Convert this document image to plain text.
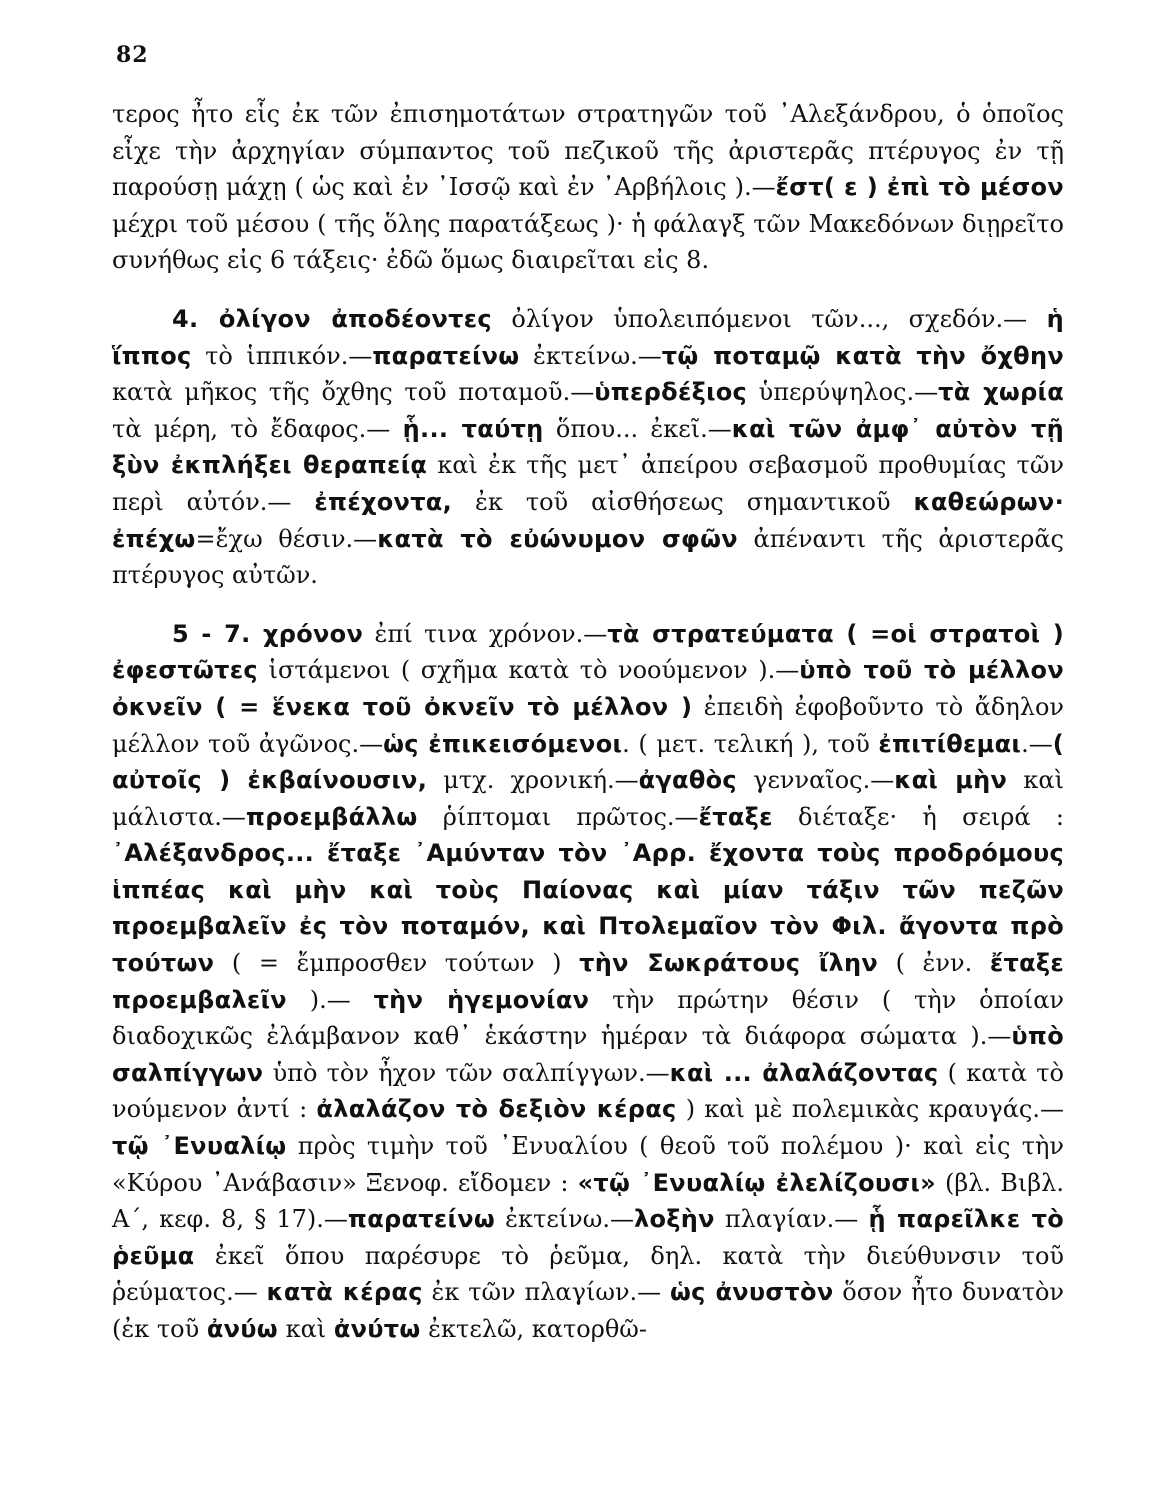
82

τερος ἦτο εἷς ἐκ τῶν ἐπισημοτάτων στρατηγῶν τοῦ ᾿Αλεξάνδρου, ὁ ὁποῖος εἶχε τὴν ἀρχηγίαν σύμπαντος τοῦ πεζικοῦ τῆς ἀριστερᾶς πτέρυγος ἐν τῇ παρούσῃ μάχῃ ( ὡς καὶ ἐν ᾿Ισσῷ καὶ ἐν ᾿Αρβήλοις ).—ἔστ( ε ) ἐπὶ τὸ μέσον μέχρι τοῦ μέσου ( τῆς ὅλης παρατάξεως )· ἡ φάλαγξ τῶν Μακεδόνων διῃρεῖτο συνήθως εἰς 6 τάξεις· ἐδῶ ὅμως διαιρεῖται εἰς 8.

4. ὀλίγον ἀποδέοντες ὀλίγον ὑπολειπόμενοι τῶν..., σχεδόν.— ἡ ἵππος τὸ ἱππικόν.—παρατείνω ἐκτείνω.—τῷ ποταμῷ κατὰ τὴν ὄχθην κατὰ μῆκος τῆς ὄχθης τοῦ ποταμοῦ.—ὑπερδέξιος ὑπερύψηλος.—τὰ χωρία τὰ μέρη, τὸ ἔδαφος.— ᾗ... ταύτῃ ὅπου... ἐκεῖ.—καὶ τῶν ἀμφ᾿ αὐτὸν τῇ ξὺν ἐκπλήξει θεραπείᾳ καὶ ἐκ τῆς μετ᾿ ἀπείρου σεβασμοῦ προθυμίας τῶν περὶ αὐτόν.— ἐπέχοντα, ἐκ τοῦ αἰσθήσεως σημαντικοῦ καθεώρων· ἐπέχω=ἔχω θέσιν.—κατὰ τὸ εὐώνυμον σφῶν ἀπέναντι τῆς ἀριστερᾶς πτέρυγος αὐτῶν.

5 - 7. χρόνον ἐπί τινα χρόνον.—τὰ στρατεύματα ( =οἱ στρατοὶ ) ἐφεστῶτες ἱστάμενοι ( σχῆμα κατὰ τὸ νοούμενον ).—ὑπὸ τοῦ τὸ μέλλον ὀκνεῖν ( = ἕνεκα τοῦ ὀκνεῖν τὸ μέλλον ) ἐπειδὴ ἐφοβοῦντο τὸ ἄδηλον μέλλον τοῦ ἀγῶνος.—ὡς ἐπικεισόμενοι. ( μετ. τελική ), τοῦ ἐπιτίθεμαι.—( αὐτοῖς ) ἐκβαίνουσιν, μτχ. χρονική.—ἀγαθὸς γενναῖος.—καὶ μὴν καὶ μάλιστα.—προεμβάλλω ῥίπτομαι πρῶτος.—ἔταξε διέταξε· ἡ σειρά : ᾿Αλέξανδρος... ἔταξε ᾿Αμύνταν τὸν ᾿Αρρ. ἔχοντα τοὺς προδρόμους ἱππέας καὶ μὴν καὶ τοὺς Παίονας καὶ μίαν τάξιν τῶν πεζῶν προεμβαλεῖν ἐς τὸν ποταμόν, καὶ Πτολεμαῖον τὸν Φιλ. ἄγοντα πρὸ τούτων ( = ἔμπροσθεν τούτων ) τὴν Σωκράτους ἴλην ( ἐνν. ἔταξε προεμβαλεῖν ).— τὴν ἡγεμονίαν τὴν πρώτην θέσιν ( τὴν ὁποίαν διαδοχικῶς ἐλάμβανον καθ᾿ ἑκάστην ἡμέραν τὰ διάφορα σώματα ).—ὑπὸ σαλπίγγων ὑπὸ τὸν ἦχον τῶν σαλπίγγων.—καὶ ... ἀλαλάζοντας ( κατὰ τὸ νούμενον ἀντί : ἀλαλάζον τὸ δεξιὸν κέρας ) καὶ μὲ πολεμικὰς κραυγάς.—τῷ ᾿Ενυαλίῳ πρὸς τιμὴν τοῦ ᾿Ενυαλίου ( θεοῦ τοῦ πολέμου )· καὶ εἰς τὴν «Κύρου ᾿Ανάβασιν» Ξενοφ. εἴδομεν : «τῷ ᾿Ενυαλίῳ ἐλελίζουσι» (βλ. Βιβλ. Α΄, κεφ. 8, § 17).—παρατείνω ἐκτείνω.—λοξὴν πλαγίαν.— ᾗ παρεῖλκε τὸ ῥεῦμα ἐκεῖ ὅπου παρέσυρε τὸ ῥεῦμα, δηλ. κατὰ τὴν διεύθυνσιν τοῦ ῥεύματος.— κατὰ κέρας ἐκ τῶν πλαγίων.— ὡς ἀνυστὸν ὅσον ἦτο δυνατὸν (ἐκ τοῦ ἀνύω καὶ ἀνύτω ἐκτελῶ, κατορθῶ-
